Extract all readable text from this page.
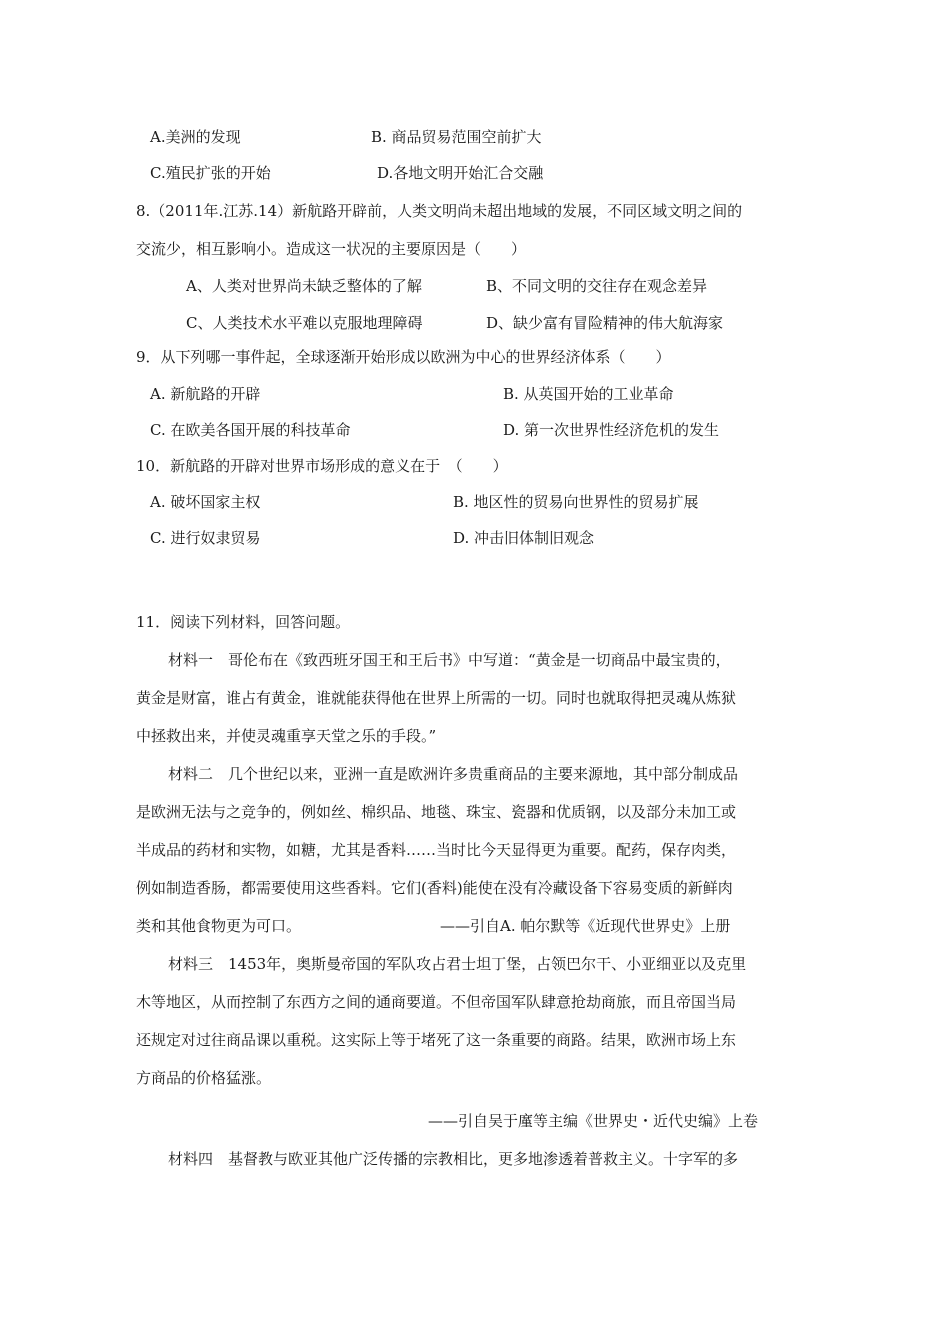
A.美洲的发现	B. 商品贸易范围空前扩大
C.殖民扩张的开始	D.各地文明开始汇合交融
8.（2011年.江苏.14）新航路开辟前，人类文明尚未超出地域的发展，不同区域文明之间的
交流少，相互影响小。造成这一状况的主要原因是（　　）
A、人类对世界尚未缺乏整体的了解	B、不同文明的交往存在观念差异
C、人类技术水平难以克服地理障碍	D、缺少富有冒险精神的伟大航海家
9．从下列哪一事件起，全球逐渐开始形成以欧洲为中心的世界经济体系（　　）
A. 新航路的开辟	B. 从英国开始的工业革命
C. 在欧美各国开展的科技革命	D. 第一次世界性经济危机的发生
10．新航路的开辟对世界市场形成的意义在于　（　　）
A. 破坏国家主权	B. 地区性的贸易向世界性的贸易扩展
C. 进行奴隶贸易	D. 冲击旧体制旧观念
11．阅读下列材料，回答问题。
材料一　哥伦布在《致西班牙国王和王后书》中写道：“黄金是一切商品中最宝贵的，
黄金是财富，谁占有黄金，谁就能获得他在世界上所需的一切。同时也就取得把灵魂从炼狱
中拯救出来，并使灵魂重享天堂之乐的手段。”
材料二　几个世纪以来，亚洲一直是欧洲许多贵重商品的主要来源地，其中部分制成品
是欧洲无法与之竞争的，例如丝、棉织品、地毯、珠宝、瓷器和优质钢，以及部分未加工或
半成品的药材和实物，如糖，尤其是香料……当时比今天显得更为重要。配药，保存肉类，
例如制造香肠，都需要使用这些香料。它们(香料)能使在没有冷藏设备下容易变质的新鲜肉
类和其他食物更为可口。	——引自A. 帕尔默等《近现代世界史》上册
材料三　1453年，奥斯曼帝国的军队攻占君士坦丁堡，占领巴尔干、小亚细亚以及克里
木等地区，从而控制了东西方之间的通商要道。不但帝国军队肆意抢劫商旅，而且帝国当局
还规定对过往商品课以重税。这实际上等于堵死了这一条重要的商路。结果，欧洲市场上东
方商品的价格猛涨。
——引自吴于廑等主编《世界史・近代史编》上卷
材料四　基督教与欧亚其他广泛传播的宗教相比，更多地渗透着普救主义。十字军的多
